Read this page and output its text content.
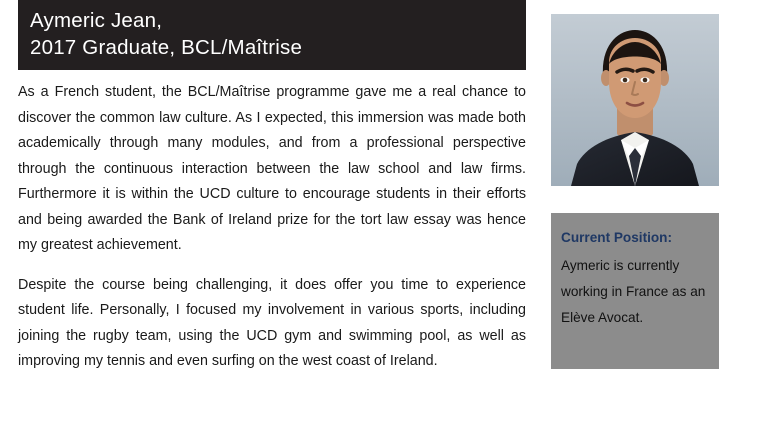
Aymeric Jean,
2017 Graduate, BCL/Maîtrise

As a French student, the BCL/Maîtrise programme gave me a real chance to discover the common law culture. As I expected, this immersion was made both academically through many modules, and from a professional perspective through the continuous interaction between the law school and law firms. Furthermore it is within the UCD culture to encourage students in their efforts and being awarded the Bank of Ireland prize for the tort law essay was hence my greatest achievement.

Despite the course being challenging, it does offer you time to experience student life. Personally, I focused my involvement in various sports, including joining the rugby team, using the UCD gym and swimming pool, as well as improving my tennis and even surfing on the west coast of Ireland.

Current Position:
Aymeric is currently working in France as an Elève Avocat.
